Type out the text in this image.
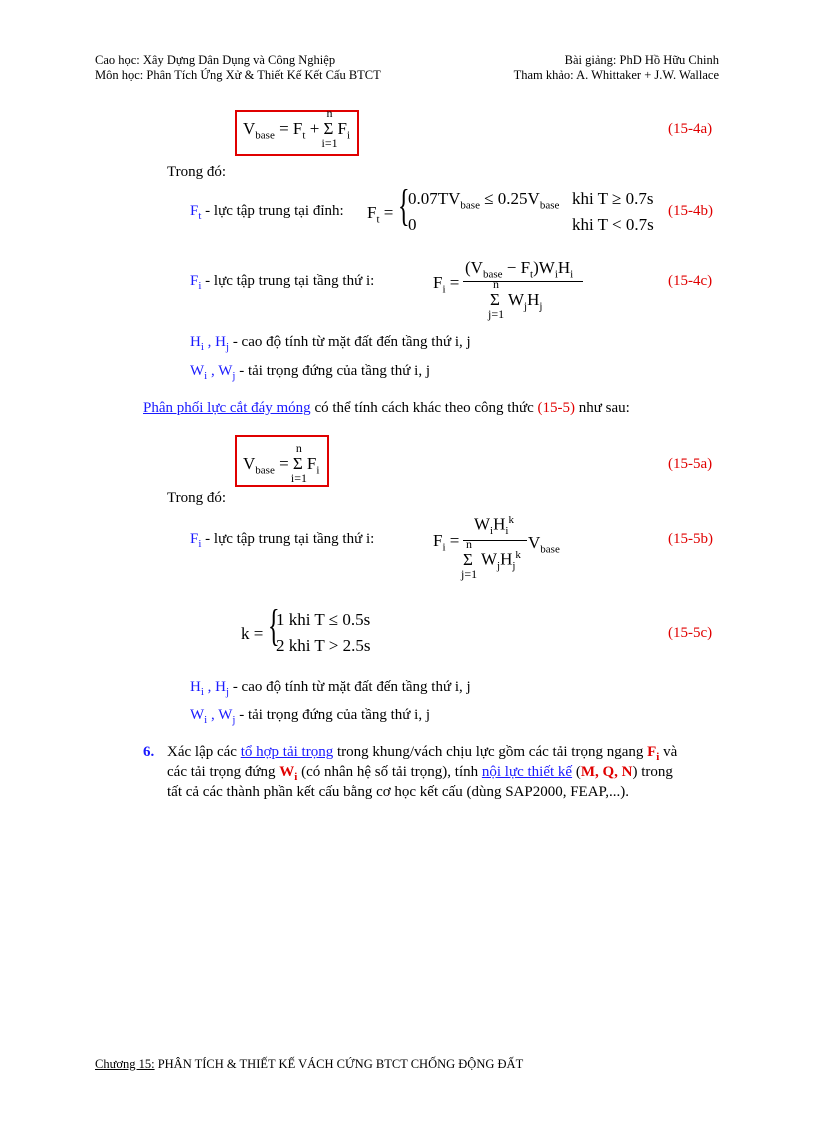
Cao học: Xây Dựng Dân Dụng và Công Nghiệp
Môn học: Phân Tích Ứng Xử & Thiết Kế Kết Cấu BTCT
Bài giảng: PhD Hồ Hữu Chinh
Tham khảo: A. Whittaker + J.W. Wallace
$V_{base} = F_t + \Sigma$
n
i=1
$F_i$	(15-4a)
Trong đó:
$F_t$ - lực tập trung tại đỉnh: $F_t$ = {
$0.07TV_{base} \le 0.25V_{base}$ khi T ≥ 0.7s
0	khi T < 0.7s
(15-4b)
$F_i$ - lực tập trung tại tầng thứ i:	$F_i$ =
$(V_{base} - F_t)W_iH_i$
Σ
n
j=1
$W_jH_j$
(15-4c)
$H_i$ , $H_j$ - cao độ tính từ mặt đất đến tầng thứ i, j
$W_i$ , $W_j$ - tải trọng đứng của tầng thứ i, j
Phân phối lực cắt đáy móng có thể tính cách khác theo công thức (15-5) như sau:
$V_{base} = \Sigma$
n
i=1
$F_i$	(15-5a)
Trong đó:
$F_i$ - lực tập trung tại tầng thứ i:	$F_i$ =
$W_iH_i^k$
$V_{base}$
Σ
n
j=1
$W_jH_j^k$
(15-5b)
k = {
1 khi T ≤ 0.5s
2 khi T > 2.5s
(15-5c)
$H_i$ , $H_j$ - cao độ tính từ mặt đất đến tầng thứ i, j
$W_i$ , $W_j$ - tải trọng đứng của tầng thứ i, j
6. Xác lập các tổ hợp tải trọng trong khung/vách chịu lực gồm các tải trọng ngang $F_i$ và
các tải trọng đứng $W_i$ (có nhân hệ số tải trọng), tính nội lực thiết kế (M, Q, N) trong
tất cả các thành phần kết cấu bằng cơ học kết cấu (dùng SAP2000, FEAP,...).
Chương 15: PHÂN TÍCH & THIẾT KẾ VÁCH CỨNG BTCT CHỐNG ĐỘNG ĐẤT
